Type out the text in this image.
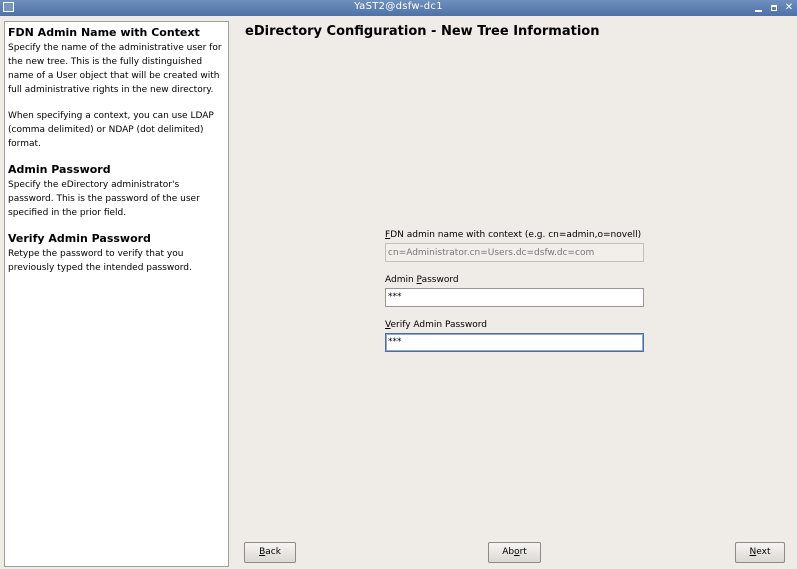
YaST2@dsfw-dc1	✕
FDN Admin Name with Context

Specify the name of the administrative user for the new tree. This is the fully distinguished name of a User object that will be created with full administrative rights in the new directory.

When specifying a context, you can use LDAP (comma delimited) or NDAP (dot delimited) format.

Admin Password

Specify the eDirectory administrator's password. This is the password of the user specified in the prior field.

Verify Admin Password

Retype the password to verify that you previously typed the intended password.

eDirectory Configuration - New Tree Information
FDN admin name with context (e.g. cn=admin,o=novell)
cn=Administrator.cn=Users.dc=dsfw.dc=com
Admin Password
***
Verify Admin Password
***
Back	Abort	Next
